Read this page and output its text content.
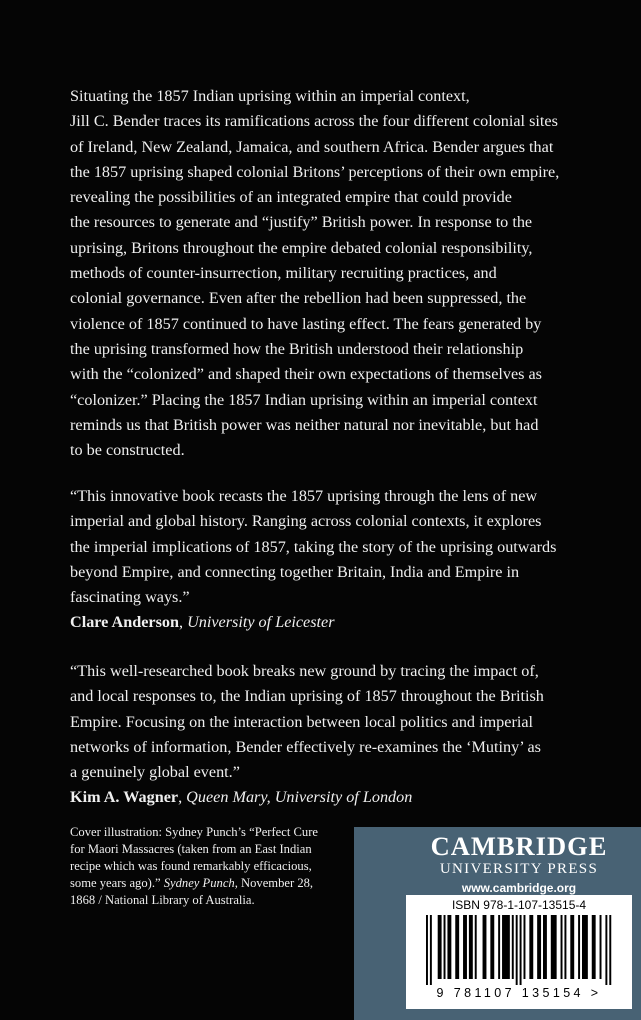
Situating the 1857 Indian uprising within an imperial context,
Jill C. Bender traces its ramifications across the four different colonial sites
of Ireland, New Zealand, Jamaica, and southern Africa. Bender argues that
the 1857 uprising shaped colonial Britons’ perceptions of their own empire,
revealing the possibilities of an integrated empire that could provide
the resources to generate and “justify” British power. In response to the
uprising, Britons throughout the empire debated colonial responsibility,
methods of counter-insurrection, military recruiting practices, and
colonial governance. Even after the rebellion had been suppressed, the
violence of 1857 continued to have lasting effect. The fears generated by
the uprising transformed how the British understood their relationship
with the “colonized” and shaped their own expectations of themselves as
“colonizer.” Placing the 1857 Indian uprising within an imperial context
reminds us that British power was neither natural nor inevitable, but had
to be constructed.
“This innovative book recasts the 1857 uprising through the lens of new
imperial and global history. Ranging across colonial contexts, it explores
the imperial implications of 1857, taking the story of the uprising outwards
beyond Empire, and connecting together Britain, India and Empire in
fascinating ways.”
Clare Anderson, University of Leicester
“This well-researched book breaks new ground by tracing the impact of,
and local responses to, the Indian uprising of 1857 throughout the British
Empire. Focusing on the interaction between local politics and imperial
networks of information, Bender effectively re-examines the ‘Mutiny’ as
a genuinely global event.”
Kim A. Wagner, Queen Mary, University of London
Cover illustration: Sydney Punch’s “Perfect Cure
for Maori Massacres (taken from an East Indian
recipe which was found remarkably efficacious,
some years ago).” Sydney Punch, November 28,
1868 / National Library of Australia.
CAMBRIDGE
UNIVERSITY PRESS
www.cambridge.org
ISBN 978-1-107-13515-4
9 781107 135154 >
